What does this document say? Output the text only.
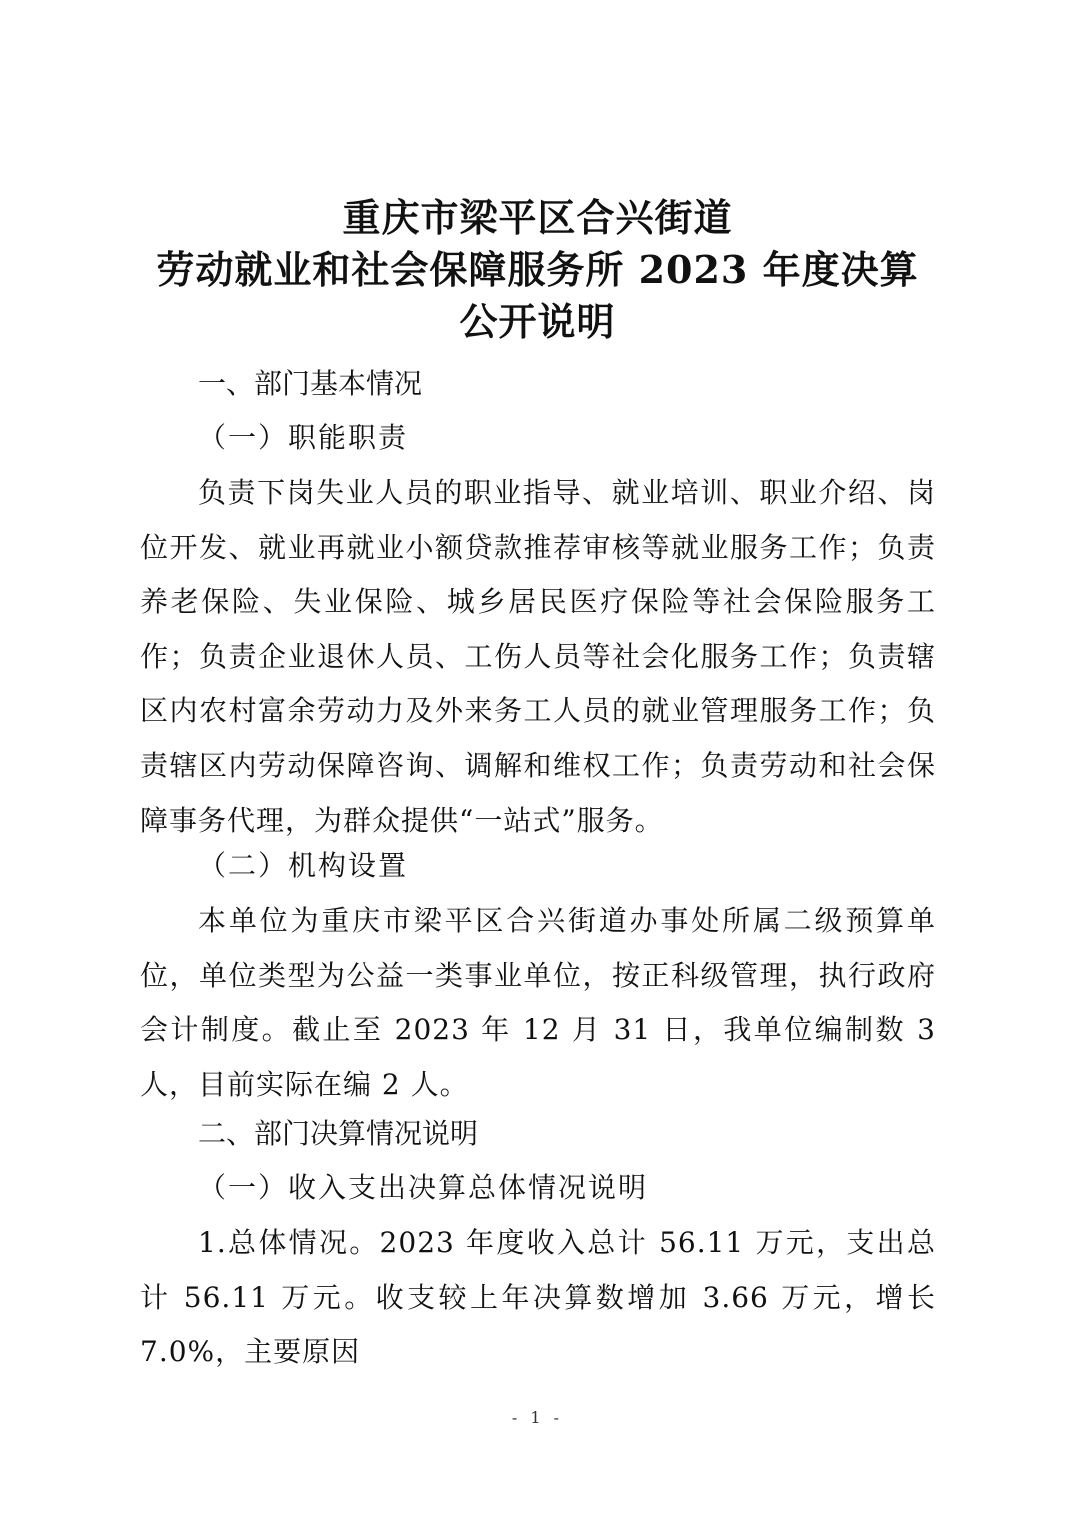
重庆市梁平区合兴街道
劳动就业和社会保障服务所 2023 年度决算
公开说明
一、部门基本情况
（一）职能职责

负责下岗失业人员的职业指导、就业培训、职业介绍、岗位开发、就业再就业小额贷款推荐审核等就业服务工作；负责养老保险、失业保险、城乡居民医疗保险等社会保险服务工作；负责企业退休人员、工伤人员等社会化服务工作；负责辖区内农村富余劳动力及外来务工人员的就业管理服务工作；负责辖区内劳动保障咨询、调解和维权工作；负责劳动和社会保障事务代理，为群众提供“一站式”服务。

（二）机构设置

本单位为重庆市梁平区合兴街道办事处所属二级预算单位，单位类型为公益一类事业单位，按正科级管理，执行政府会计制度。截止至 2023 年 12 月 31 日，我单位编制数 3 人，目前实际在编 2 人。

二、部门决算情况说明
（一）收入支出决算总体情况说明

1.总体情况。2023 年度收入总计 56.11 万元，支出总计 56.11 万元。收支较上年决算数增加 3.66 万元，增长 7.0%，主要原因

- 1 -
